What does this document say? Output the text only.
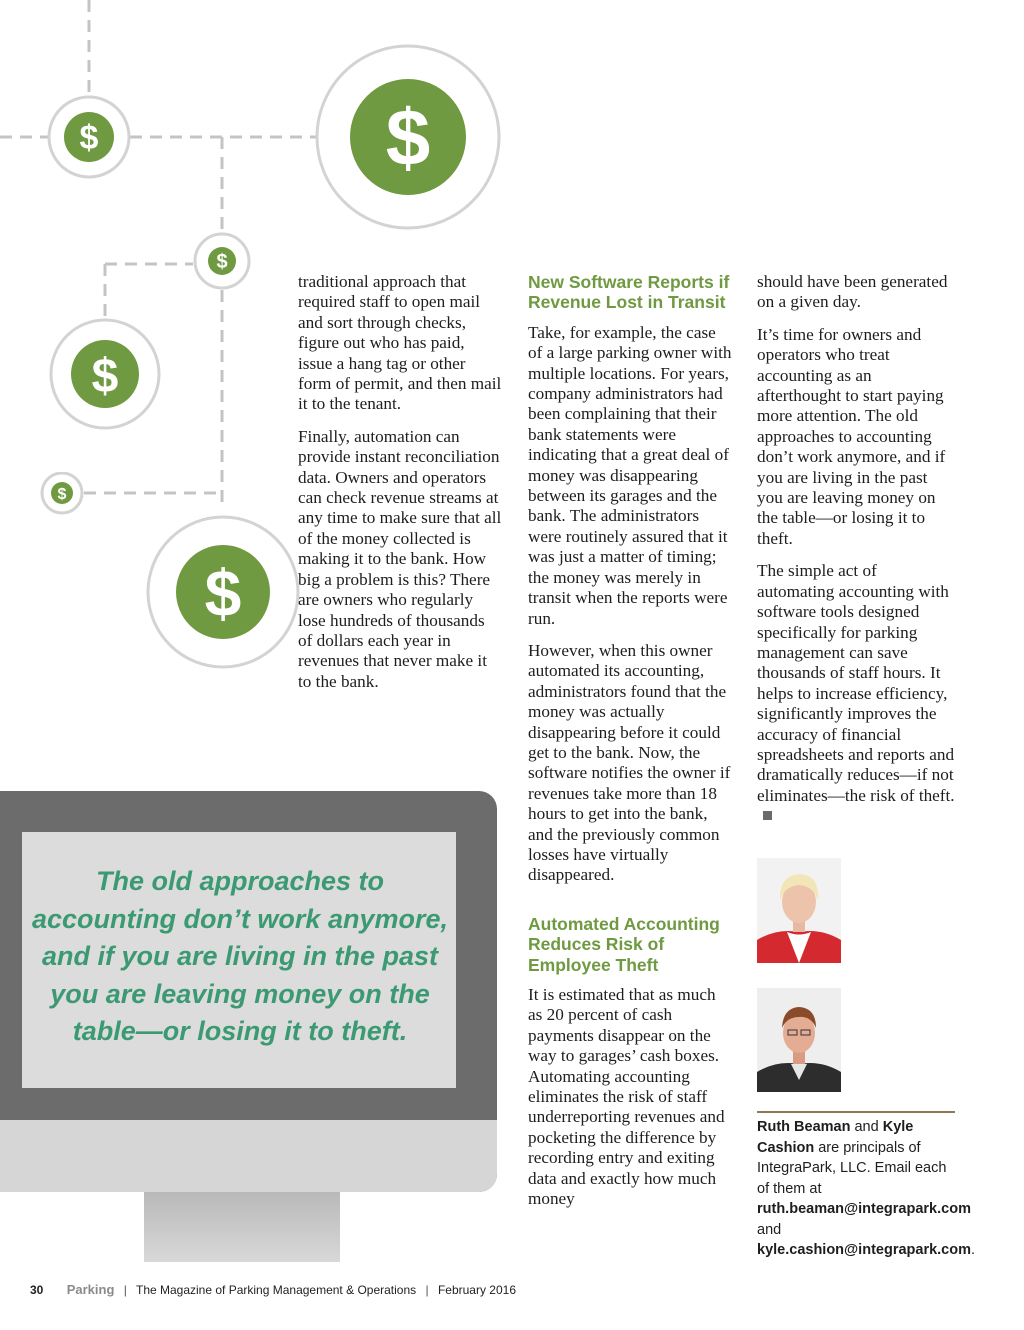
$	$
$
$
$
$

traditional approach that required staff to open mail and sort through checks, figure out who has paid, issue a hang tag or other form of permit, and then mail it to the tenant.

Finally, automation can provide instant reconciliation data. Owners and operators can check revenue streams at any time to make sure that all of the money collected is making it to the bank. How big a problem is this? There are owners who regularly lose hundreds of thousands of dollars each year in revenues that never make it to the bank.

New Software Reports if Revenue Lost in Transit

Take, for example, the case of a large parking owner with multiple locations. For years, company administrators had been complaining that their bank statements were indicating that a great deal of money was disappearing between its garages and the bank. The administrators were routinely assured that it was just a matter of timing; the money was merely in transit when the reports were run.

However, when this owner automated its accounting, administrators found that the money was actually disappearing before it could get to the bank. Now, the software notifies the owner if revenues take more than 18 hours to get into the bank, and the previously common losses have virtually disappeared.

Automated Accounting Reduces Risk of Employee Theft

It is estimated that as much as 20 percent of cash payments disappear on the way to garages’ cash boxes. Automating accounting eliminates the risk of staff underreporting revenues and pocketing the difference by recording entry and exiting data and exactly how much money

should have been generated on a given day.

It’s time for owners and operators who treat accounting as an afterthought to start paying more attention. The old approaches to accounting don’t work anymore, and if you are living in the past you are leaving money on the table—or losing it to theft.

The simple act of automating accounting with software tools designed specifically for parking management can save thousands of staff hours. It helps to increase efficiency, significantly improves the accuracy of financial spreadsheets and reports and dramatically reduces—if not eliminates—the risk of theft.

Ruth Beaman and Kyle Cashion are principals of IntegraPark, LLC. Email each of them at ruth.beaman@integrapark.com and kyle.cashion@integrapark.com.
The old approaches to accounting don’t work anymore, and if you are living in the past you are leaving money on the table—or losing it to theft.
30 Parking | The Magazine of Parking Management & Operations | February 2016
